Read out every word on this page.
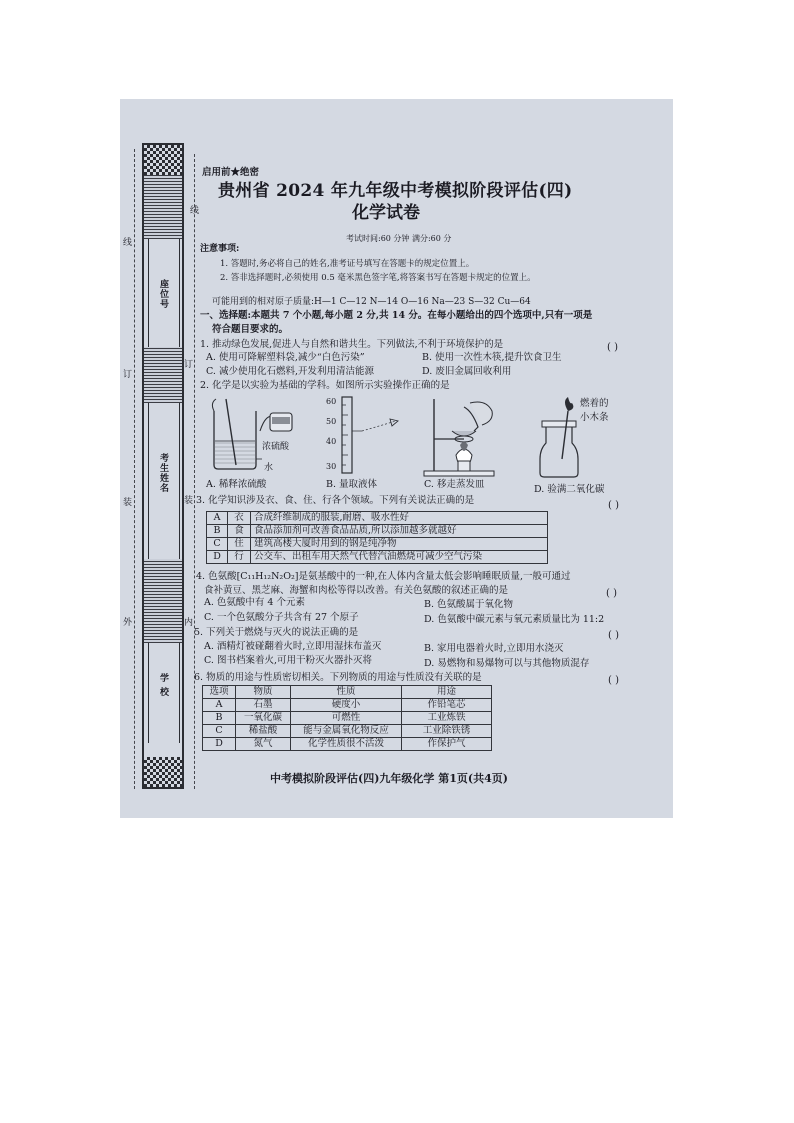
座位号
考生姓名
学 校
线
订
装
外
线
订
装
内
启用前★绝密
贵州省 2024 年九年级中考模拟阶段评估(四)
化学试卷
考试时间:60 分钟 满分:60 分
注意事项:
1. 答题时,务必将自己的姓名,准考证号填写在答题卡的规定位置上。
2. 答非选择题时,必须使用 0.5 毫米黑色签字笔,将答案书写在答题卡规定的位置上。
可能用到的相对原子质量:H—1 C—12 N—14 O—16 Na—23 S—32 Cu—64
一、选择题:本题共 7 个小题,每小题 2 分,共 14 分。在每小题给出的四个选项中,只有一项是
符合题目要求的。
1. 推动绿色发展,促进人与自然和谐共生。下列做法,不利于环境保护的是	( )
A. 使用可降解塑料袋,减少“白色污染”	B. 使用一次性木筷,提升饮食卫生
C. 减少使用化石燃料,开发利用清洁能源	D. 废旧金属回收利用
2. 化学是以实验为基础的学科。如图所示实验操作正确的是
浓硫酸
水
A. 稀释浓硫酸
60
50
40
30
B. 量取液体	C. 移走蒸发皿
燃着的
小木条
D. 验满二氧化碳
3. 化学知识涉及衣、食、住、行各个领域。下列有关说法正确的是	( )
A	衣	合成纤维制成的服装,耐磨、吸水性好
B	食	食品添加剂可改善食品品质,所以添加越多就越好
C	住	建筑高楼大厦时用到的钢是纯净物
D	行	公交车、出租车用天然气代替汽油燃烧可减少空气污染
4. 色氨酸[C₁₁H₁₂N₂O₂]是氨基酸中的一种,在人体内含量太低会影响睡眠质量,一般可通过
食补黄豆、黑芝麻、海蟹和肉松等得以改善。有关色氨酸的叙述正确的是	( )
A. 色氨酸中有 4 个元素	B. 色氨酸属于氧化物
C. 一个色氨酸分子共含有 27 个原子	D. 色氨酸中碳元素与氧元素质量比为 11:2
5. 下列关于燃烧与灭火的说法正确的是	( )
A. 酒精灯被碰翻着火时,立即用湿抹布盖灭	B. 家用电器着火时,立即用水浇灭
C. 图书档案着火,可用干粉灭火器扑灭将	D. 易燃物和易爆物可以与其他物质混存
6. 物质的用途与性质密切相关。下列物质的用途与性质没有关联的是	( )
选项	物质	性质	用途
A	石墨	硬度小	作铅笔芯
B	一氧化碳	可燃性	工业炼铁
C	稀盐酸	能与金属氧化物反应	工业除铁锈
D	氮气	化学性质很不活泼	作保护气
中考模拟阶段评估(四)九年级化学 第1页(共4页)
